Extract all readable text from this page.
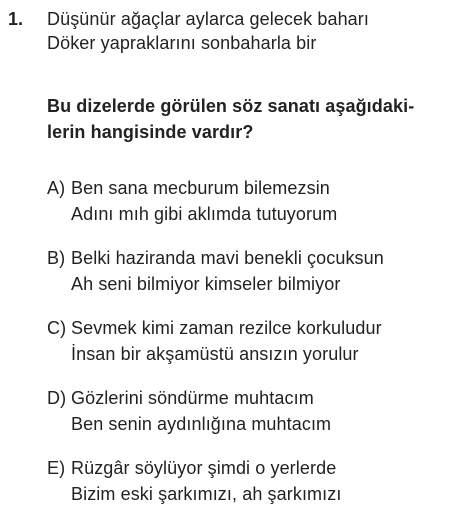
1. Düşünür ağaçlar aylarca gelecek baharı
Döker yapraklarını sonbaharla bir
Bu dizelerde görülen söz sanatı aşağıdaki-
lerin hangisinde vardır?
A) Ben sana mecburum bilemezsin
Adını mıh gibi aklımda tutuyorum
B) Belki haziranda mavi benekli çocuksun
Ah seni bilmiyor kimseler bilmiyor
C) Sevmek kimi zaman rezilce korkuludur
İnsan bir akşamüstü ansızın yorulur
D) Gözlerini söndürme muhtacım
Ben senin aydınlığına muhtacım
E) Rüzgâr söylüyor şimdi o yerlerde
Bizim eski şarkımızı, ah şarkımızı
